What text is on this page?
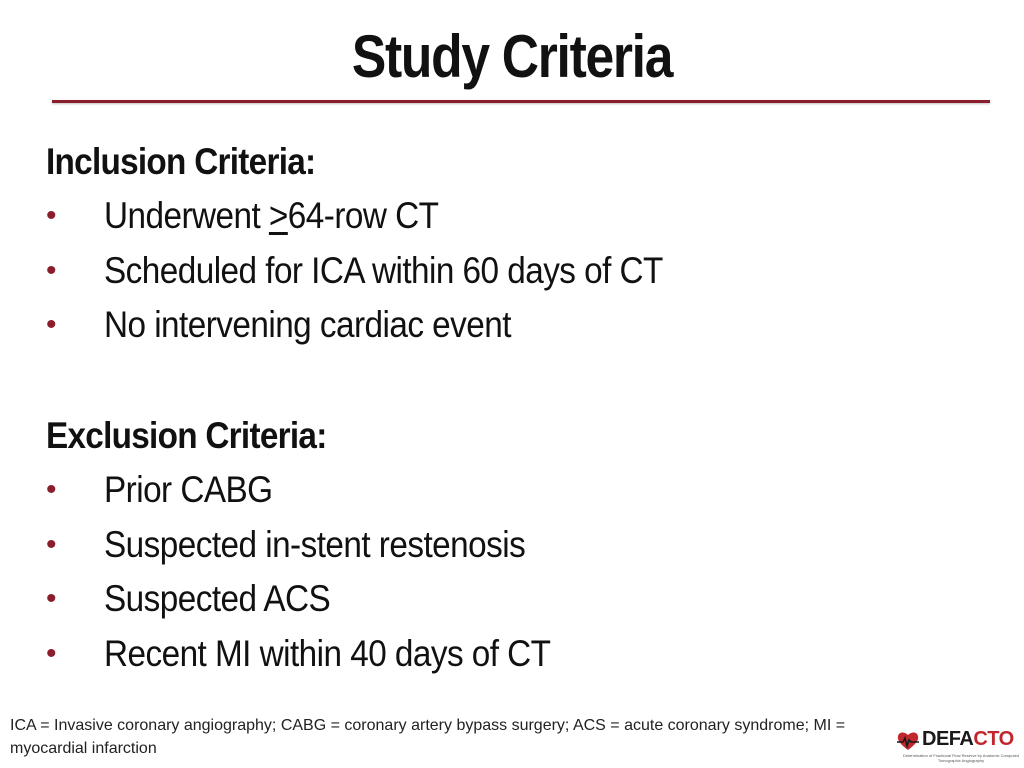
Study Criteria
Inclusion Criteria:
• Underwent ≥64-row CT
• Scheduled for ICA within 60 days of CT
• No intervening cardiac event
Exclusion Criteria:
• Prior CABG
• Suspected in-stent restenosis
• Suspected ACS
• Recent MI within 40 days of CT
ICA = Invasive coronary angiography; CABG = coronary artery bypass surgery; ACS = acute coronary syndrome; MI = myocardial infarction	DEFACTO
Determination of Fractional Flow Reserve by Anatomic Computed Tomographic Angiography
